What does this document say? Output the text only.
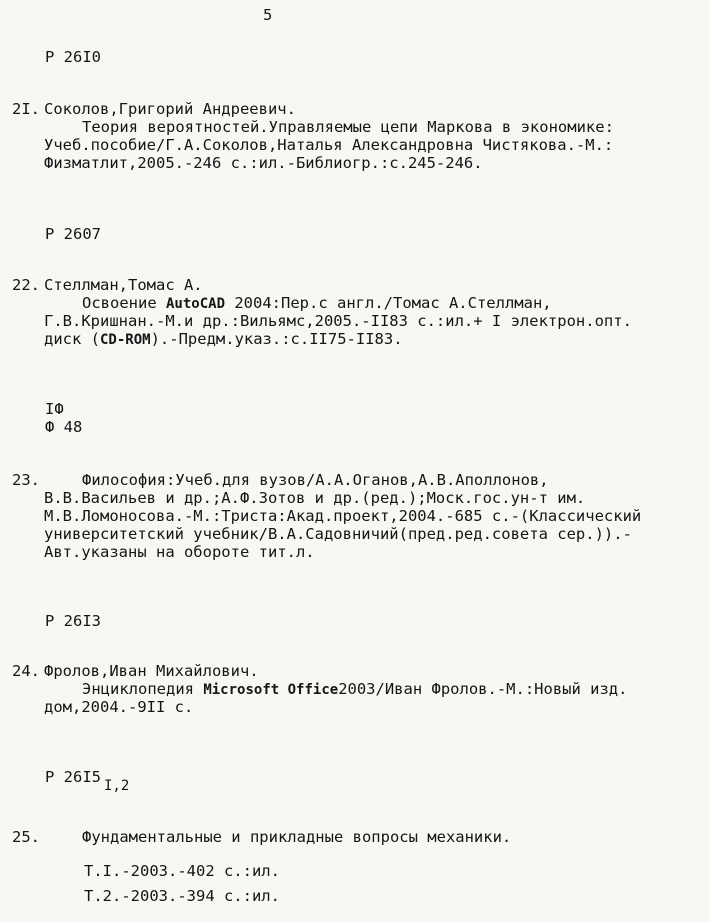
5
Р 26I0
2I. Соколов,Григорий Андреевич.
Теория вероятностей.Управляемые цепи Маркова в экономике:
Учеб.пособие/Г.А.Соколов,Наталья Александровна Чистякова.-М.:
Физматлит,2005.-246 с.:ил.-Библиогр.:с.245-246.
Р 2607
22. Стеллман,Томас А.
Освоение AutoCAD 2004:Пер.с англ./Томас А.Стеллман,
Г.В.Кришнан.-М.и др.:Вильямс,2005.-II83 с.:ил.+ I электрон.опт.
диск (CD-ROM).-Предм.указ.:с.II75-II83.
IФ
Ф 48
23.	Философия:Учеб.для вузов/А.А.Оганов,А.В.Аполлонов,
В.В.Васильев и др.;А.Ф.Зотов и др.(ред.);Моск.гос.ун-т им.
М.В.Ломоносова.-М.:Триста:Акад.проект,2004.-685 с.-(Классический
университетский учебник/В.А.Садовничий(пред.ред.совета сер.)).-
Авт.указаны на обороте тит.л.
Р 26I3
24. Фролов,Иван Михайлович.
Энциклопедия Microsoft Office2003/Иван Фролов.-М.:Новый изд.
дом,2004.-9II с.
Р 26I5 I,2
25.	Фундаментальные и прикладные вопросы механики.
Т.I.-2003.-402 с.:ил.
Т.2.-2003.-394 с.:ил.
